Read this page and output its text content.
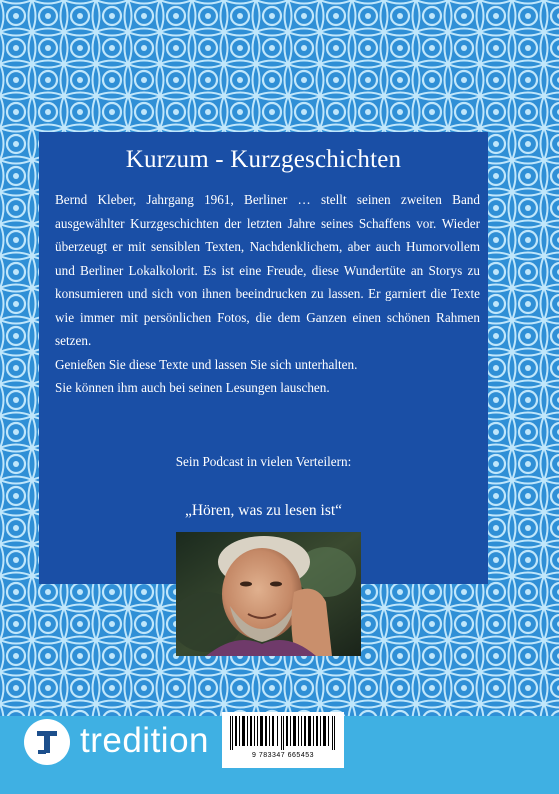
Kurzum - Kurzgeschichten

Bernd Kleber, Jahrgang 1961, Berliner … stellt seinen zweiten Band ausgewählter Kurzgeschichten der letzten Jahre seines Schaffens vor. Wieder überzeugt er mit sensiblen Texten, Nachdenklichem, aber auch Humorvollem und Berliner Lokalkolorit. Es ist eine Freude, diese Wundertüte an Storys zu konsumieren und sich von ihnen beeindrucken zu lassen. Er garniert die Texte wie immer mit persönlichen Fotos, die dem Ganzen einen schönen Rahmen setzen.

Genießen Sie diese Texte und lassen Sie sich unterhalten.

Sie können ihm auch bei seinen Lesungen lauschen.

Sein Podcast in vielen Verteilern:
„Hören, was zu lesen ist“
tredition	9 783347 665453
